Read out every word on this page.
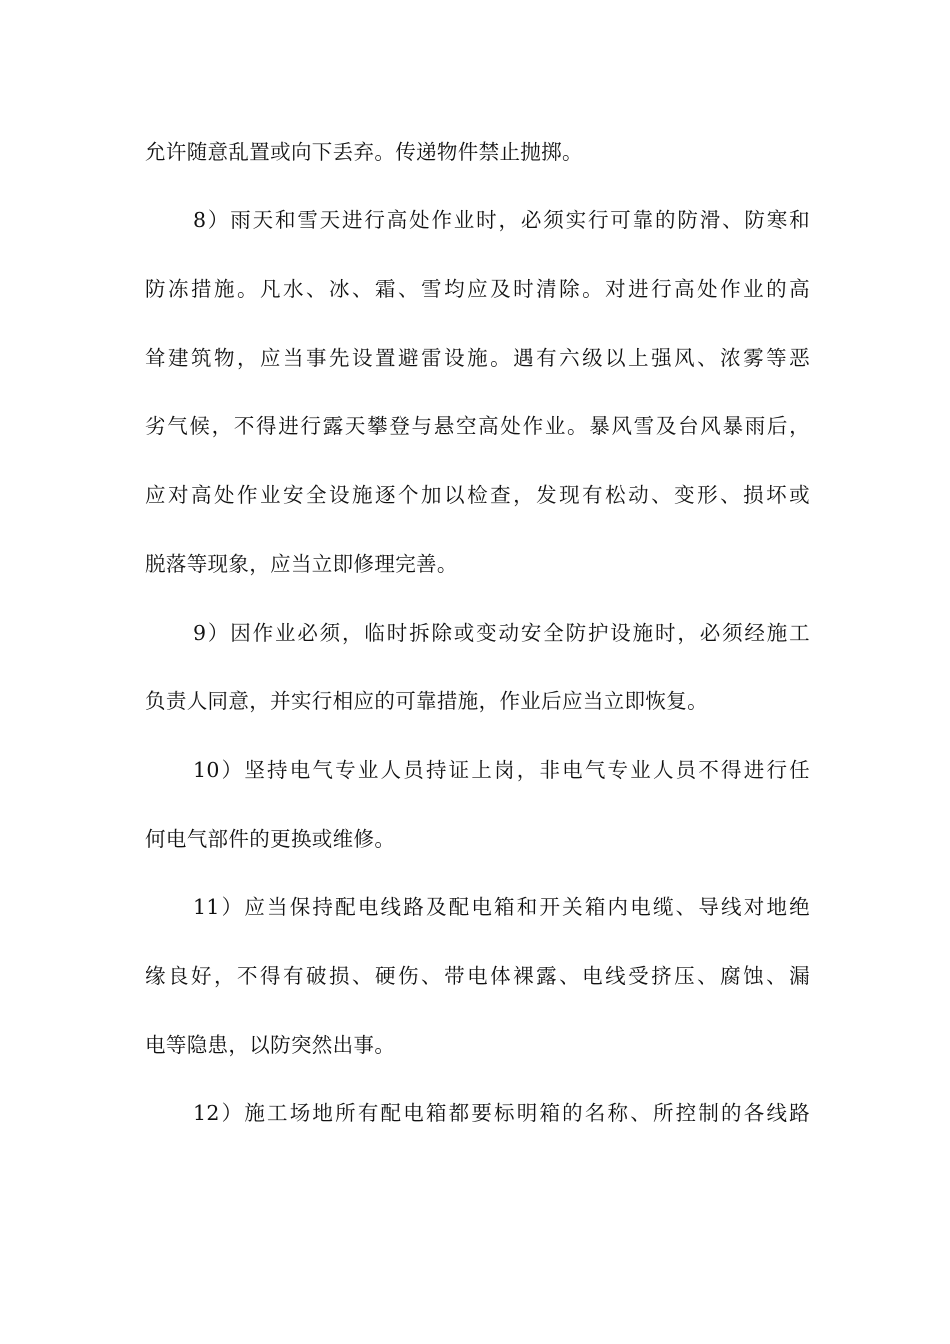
允许随意乱置或向下丢弃。传递物件禁止抛掷。
8）雨天和雪天进行高处作业时，必须实行可靠的防滑、防寒和
防冻措施。凡水、冰、霜、雪均应及时清除。对进行高处作业的高
耸建筑物，应当事先设置避雷设施。遇有六级以上强风、浓雾等恶
劣气候，不得进行露天攀登与悬空高处作业。暴风雪及台风暴雨后，
应对高处作业安全设施逐个加以检查，发现有松动、变形、损坏或
脱落等现象，应当立即修理完善。
9）因作业必须，临时拆除或变动安全防护设施时，必须经施工
负责人同意，并实行相应的可靠措施，作业后应当立即恢复。
10）坚持电气专业人员持证上岗，非电气专业人员不得进行任
何电气部件的更换或维修。
11）应当保持配电线路及配电箱和开关箱内电缆、导线对地绝
缘良好，不得有破损、硬伤、带电体裸露、电线受挤压、腐蚀、漏
电等隐患，以防突然出事。
12）施工场地所有配电箱都要标明箱的名称、所控制的各线路
